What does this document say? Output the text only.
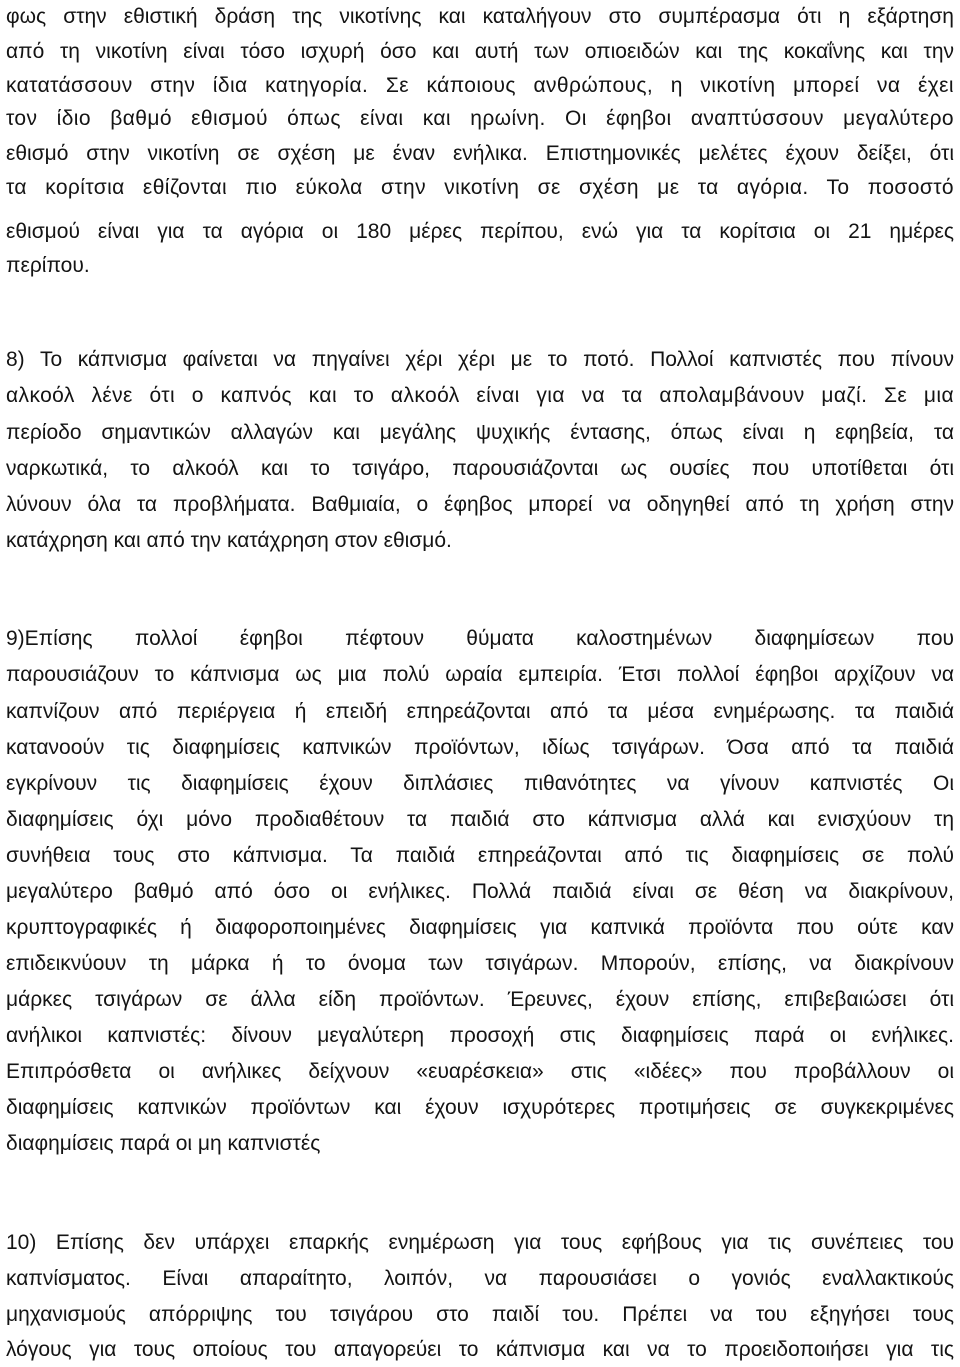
φως στην εθιστική δράση της νικοτίνης και καταλήγουν στο συμπέρασμα ότι η εξάρτηση
από τη νικοτίνη είναι τόσο ισχυρή όσο και αυτή των οπιοειδών και της κοκαΐνης και την
κατατάσσουν στην ίδια κατηγορία. Σε κάποιους ανθρώπους, η νικοτίνη μπορεί να έχει
τον ίδιο βαθμό εθισμού όπως είναι και ηρωίνη. Οι έφηβοι αναπτύσσουν μεγαλύτερο
εθισμό στην νικοτίνη σε σχέση με έναν ενήλικα. Επιστημονικές μελέτες έχουν δείξει, ότι
τα κορίτσια εθίζονται πιο εύκολα στην νικοτίνη σε σχέση με τα αγόρια. Το ποσοστό
εθισμού είναι για τα αγόρια οι 180 μέρες περίπου, ενώ για τα κορίτσια οι 21 ημέρες
περίπου.
8) Το κάπνισμα φαίνεται να πηγαίνει χέρι χέρι με το ποτό. Πολλοί καπνιστές που πίνουν
αλκοόλ λένε ότι ο καπνός και το αλκοόλ είναι για να τα απολαμβάνουν μαζί. Σε μια
περίοδο σημαντικών αλλαγών και μεγάλης ψυχικής έντασης, όπως είναι η εφηβεία, τα
ναρκωτικά, το αλκοόλ και το τσιγάρο, παρουσιάζονται ως ουσίες που υποτίθεται ότι
λύνουν όλα τα προβλήματα. Βαθμιαία, ο έφηβος μπορεί να οδηγηθεί από τη χρήση στην
κατάχρηση και από την κατάχρηση στον εθισμό.
9)Επίσης πολλοί έφηβοι πέφτουν θύματα καλοστημένων διαφημίσεων που
παρουσιάζουν το κάπνισμα ως μια πολύ ωραία εμπειρία. Έτσι πολλοί έφηβοι αρχίζουν να
καπνίζουν από περιέργεια ή επειδή επηρεάζονται από τα μέσα ενημέρωσης. τα παιδιά
κατανοούν τις διαφημίσεις καπνικών προϊόντων, ιδίως τσιγάρων. Όσα από τα παιδιά
εγκρίνουν τις διαφημίσεις έχουν διπλάσιες πιθανότητες να γίνουν καπνιστές Οι
διαφημίσεις όχι μόνο προδιαθέτουν τα παιδιά στο κάπνισμα αλλά και ενισχύουν τη
συνήθεια τους στο κάπνισμα. Τα παιδιά επηρεάζονται από τις διαφημίσεις σε πολύ
μεγαλύτερο βαθμό από όσο οι ενήλικες. Πολλά παιδιά είναι σε θέση να διακρίνουν,
κρυπτογραφικές ή διαφοροποιημένες διαφημίσεις για καπνικά προϊόντα που ούτε καν
επιδεικνύουν τη μάρκα ή το όνομα των τσιγάρων. Μπορούν, επίσης, να διακρίνουν
μάρκες τσιγάρων σε άλλα είδη προϊόντων. Έρευνες, έχουν επίσης, επιβεβαιώσει ότι
ανήλικοι καπνιστές: δίνουν μεγαλύτερη προσοχή στις διαφημίσεις παρά οι ενήλικες.
Επιπρόσθετα οι ανήλικες δείχνουν «ευαρέσκεια» στις «ιδέες» που προβάλλουν οι
διαφημίσεις καπνικών προϊόντων και έχουν ισχυρότερες προτιμήσεις σε συγκεκριμένες
διαφημίσεις παρά οι μη καπνιστές
10) Επίσης δεν υπάρχει επαρκής ενημέρωση για τους εφήβους για τις συνέπειες του
καπνίσματος. Είναι απαραίτητο, λοιπόν, να παρουσιάσει ο γονιός εναλλακτικούς
μηχανισμούς απόρριψης του τσιγάρου στο παιδί του. Πρέπει να του εξηγήσει τους
λόγους για τους οποίους του απαγορεύει το κάπνισμα και να το προειδοποιήσει για τις
